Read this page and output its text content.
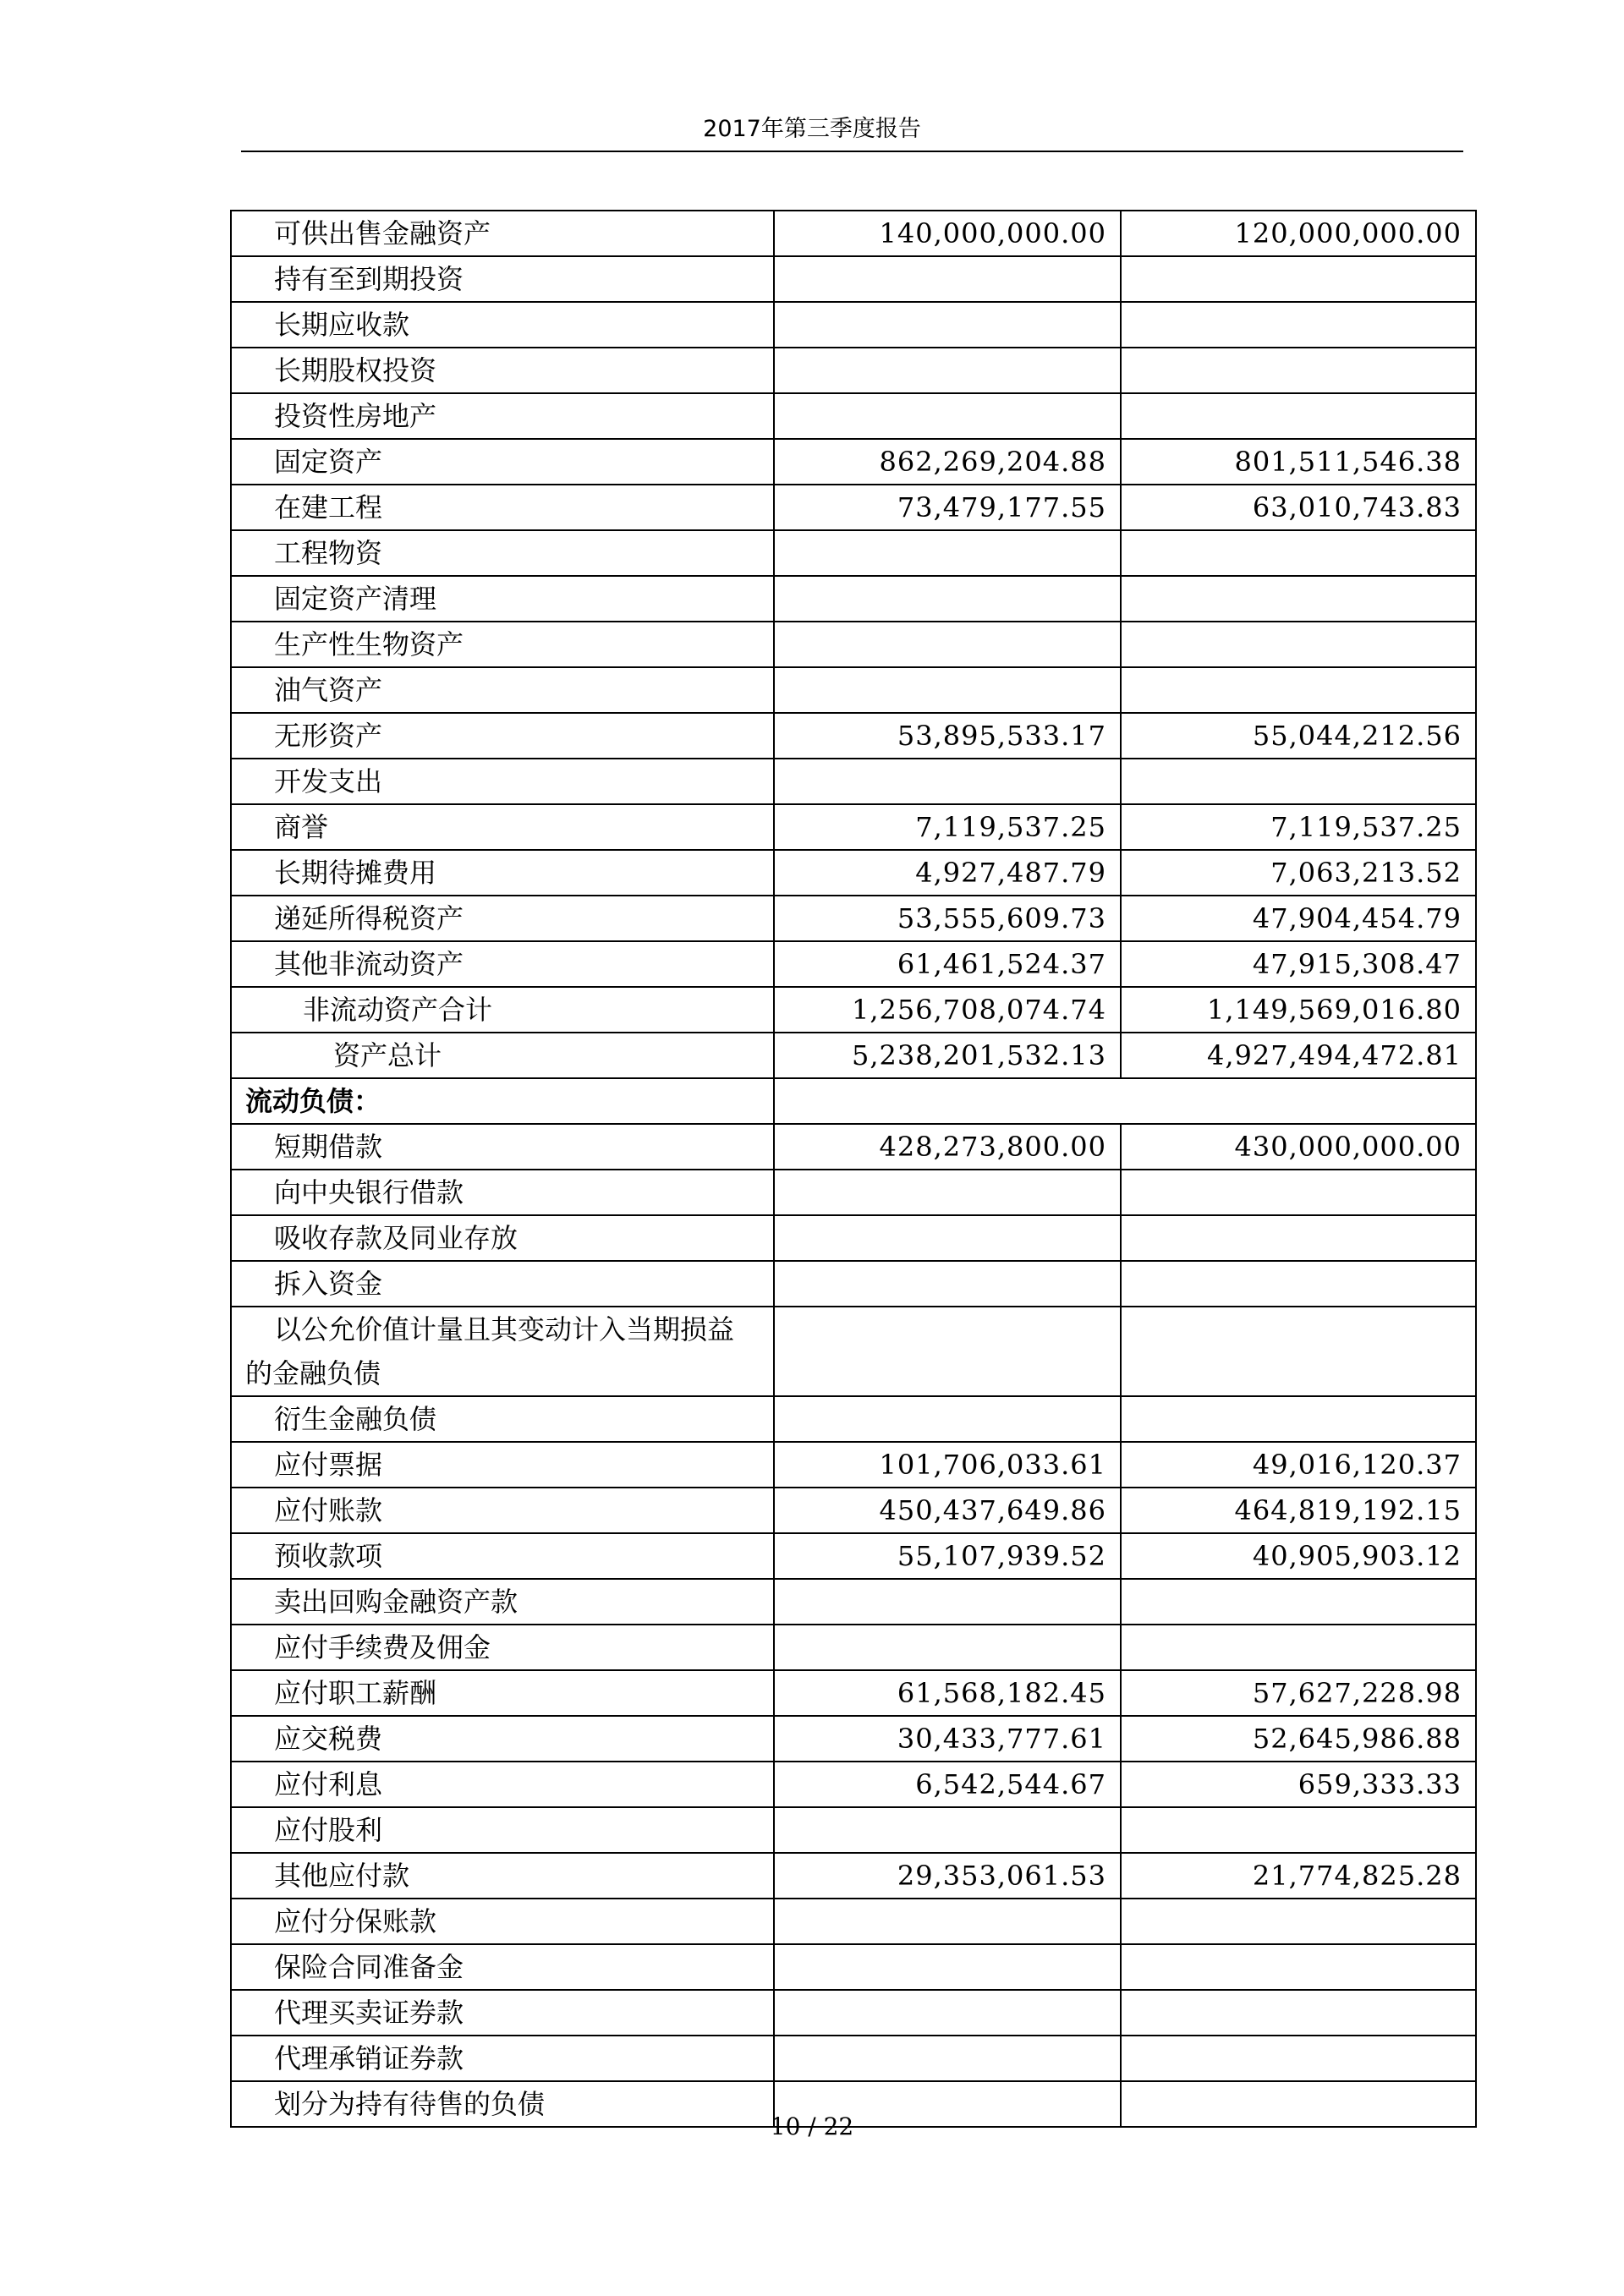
2017年第三季度报告
可供出售金融资产	140,000,000.00	120,000,000.00
持有至到期投资		
长期应收款		
长期股权投资		
投资性房地产		
固定资产	862,269,204.88	801,511,546.38
在建工程	73,479,177.55	63,010,743.83
工程物资		
固定资产清理		
生产性生物资产		
油气资产		
无形资产	53,895,533.17	55,044,212.56
开发支出		
商誉	7,119,537.25	7,119,537.25
长期待摊费用	4,927,487.79	7,063,213.52
递延所得税资产	53,555,609.73	47,904,454.79
其他非流动资产	61,461,524.37	47,915,308.47
非流动资产合计	1,256,708,074.74	1,149,569,016.80
资产总计	5,238,201,532.13	4,927,494,472.81
流动负债：		
短期借款	428,273,800.00	430,000,000.00
向中央银行借款		
吸收存款及同业存放		
拆入资金		
以公允价值计量且其变动计入当期损益的金融负债		
衍生金融负债		
应付票据	101,706,033.61	49,016,120.37
应付账款	450,437,649.86	464,819,192.15
预收款项	55,107,939.52	40,905,903.12
卖出回购金融资产款		
应付手续费及佣金		
应付职工薪酬	61,568,182.45	57,627,228.98
应交税费	30,433,777.61	52,645,986.88
应付利息	6,542,544.67	659,333.33
应付股利		
其他应付款	29,353,061.53	21,774,825.28
应付分保账款		
保险合同准备金		
代理买卖证券款		
代理承销证券款		
划分为持有待售的负债		
10 / 22
